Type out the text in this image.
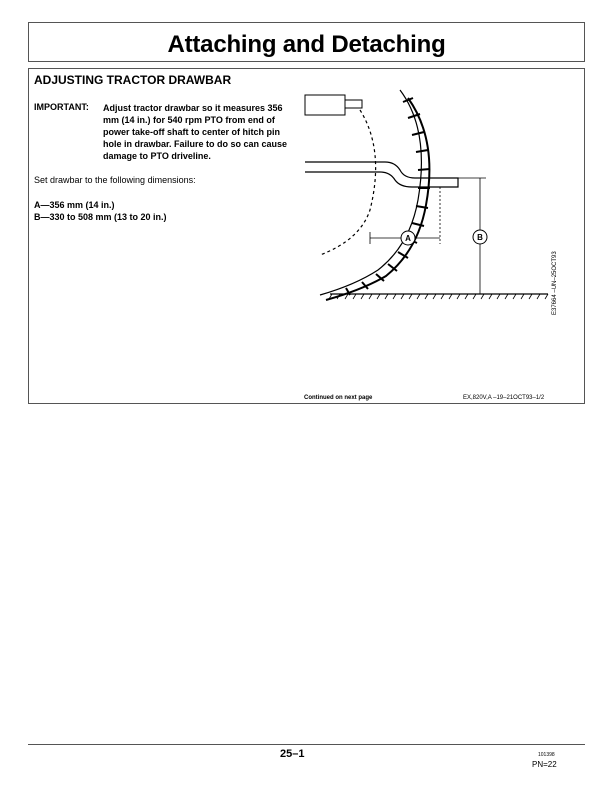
Attaching and Detaching
ADJUSTING TRACTOR DRAWBAR
IMPORTANT: Adjust tractor drawbar so it measures 356 mm (14 in.) for 540 rpm PTO from end of power take-off shaft to center of hitch pin hole in drawbar. Failure to do so can cause damage to PTO driveline.
Set drawbar to the following dimensions:
A—356 mm (14 in.)
B—330 to 508 mm (13 to 20 in.)
A	B
E37664 –UN–25OCT93
Continued on next page	EX,820V,A –19–21OCT93–1/2
25–1	101398
PN=22
